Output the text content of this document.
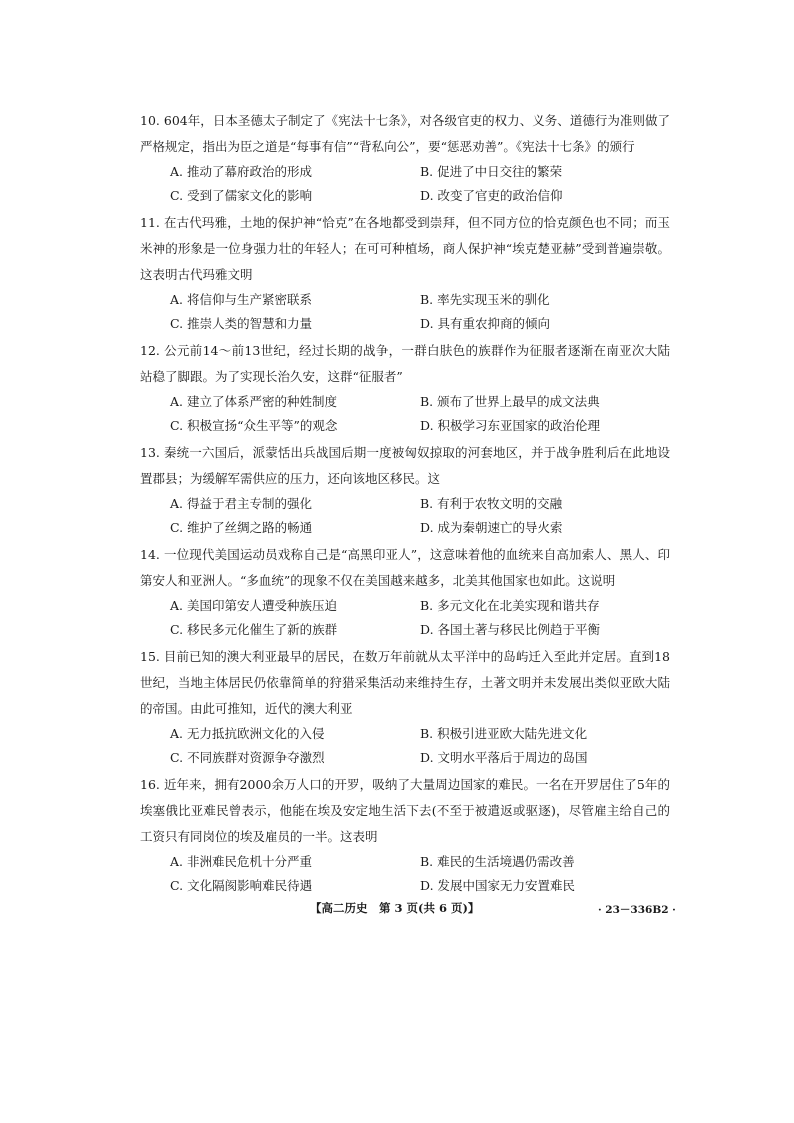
10. 604年，日本圣德太子制定了《宪法十七条》，对各级官吏的权力、义务、道德行为准则做了严格规定，指出为臣之道是“每事有信”“背私向公”，要“惩恶劝善”。《宪法十七条》的颁行
A. 推动了幕府政治的形成	B. 促进了中日交往的繁荣
C. 受到了儒家文化的影响	D. 改变了官吏的政治信仰
11. 在古代玛雅，土地的保护神“恰克”在各地都受到崇拜，但不同方位的恰克颜色也不同；而玉米神的形象是一位身强力壮的年轻人；在可可种植场，商人保护神“埃克楚亚赫”受到普遍崇敬。这表明古代玛雅文明
A. 将信仰与生产紧密联系	B. 率先实现玉米的驯化
C. 推崇人类的智慧和力量	D. 具有重农抑商的倾向
12. 公元前14～前13世纪，经过长期的战争，一群白肤色的族群作为征服者逐渐在南亚次大陆站稳了脚跟。为了实现长治久安，这群“征服者”
A. 建立了体系严密的种姓制度	B. 颁布了世界上最早的成文法典
C. 积极宣扬“众生平等”的观念	D. 积极学习东亚国家的政治伦理
13. 秦统一六国后，派蒙恬出兵战国后期一度被匈奴掠取的河套地区，并于战争胜利后在此地设置郡县；为缓解军需供应的压力，还向该地区移民。这
A. 得益于君主专制的强化	B. 有利于农牧文明的交融
C. 维护了丝绸之路的畅通	D. 成为秦朝速亡的导火索
14. 一位现代美国运动员戏称自己是“高黑印亚人”，这意味着他的血统来自高加索人、黑人、印第安人和亚洲人。“多血统”的现象不仅在美国越来越多，北美其他国家也如此。这说明
A. 美国印第安人遭受种族压迫	B. 多元文化在北美实现和谐共存
C. 移民多元化催生了新的族群	D. 各国土著与移民比例趋于平衡
15. 目前已知的澳大利亚最早的居民，在数万年前就从太平洋中的岛屿迁入至此并定居。直到18世纪，当地主体居民仍依靠简单的狩猎采集活动来维持生存，土著文明并未发展出类似亚欧大陆的帝国。由此可推知，近代的澳大利亚
A. 无力抵抗欧洲文化的入侵	B. 积极引进亚欧大陆先进文化
C. 不同族群对资源争夺激烈	D. 文明水平落后于周边的岛国
16. 近年来，拥有2000余万人口的开罗，吸纳了大量周边国家的难民。一名在开罗居住了5年的埃塞俄比亚难民曾表示，他能在埃及安定地生活下去(不至于被遣返或驱逐)，尽管雇主给自己的工资只有同岗位的埃及雇员的一半。这表明
A. 非洲难民危机十分严重	B. 难民的生活境遇仍需改善
C. 文化隔阂影响难民待遇	D. 发展中国家无力安置难民
【高二历史　第 3 页(共 6 页)】	· 23－336B2 ·
